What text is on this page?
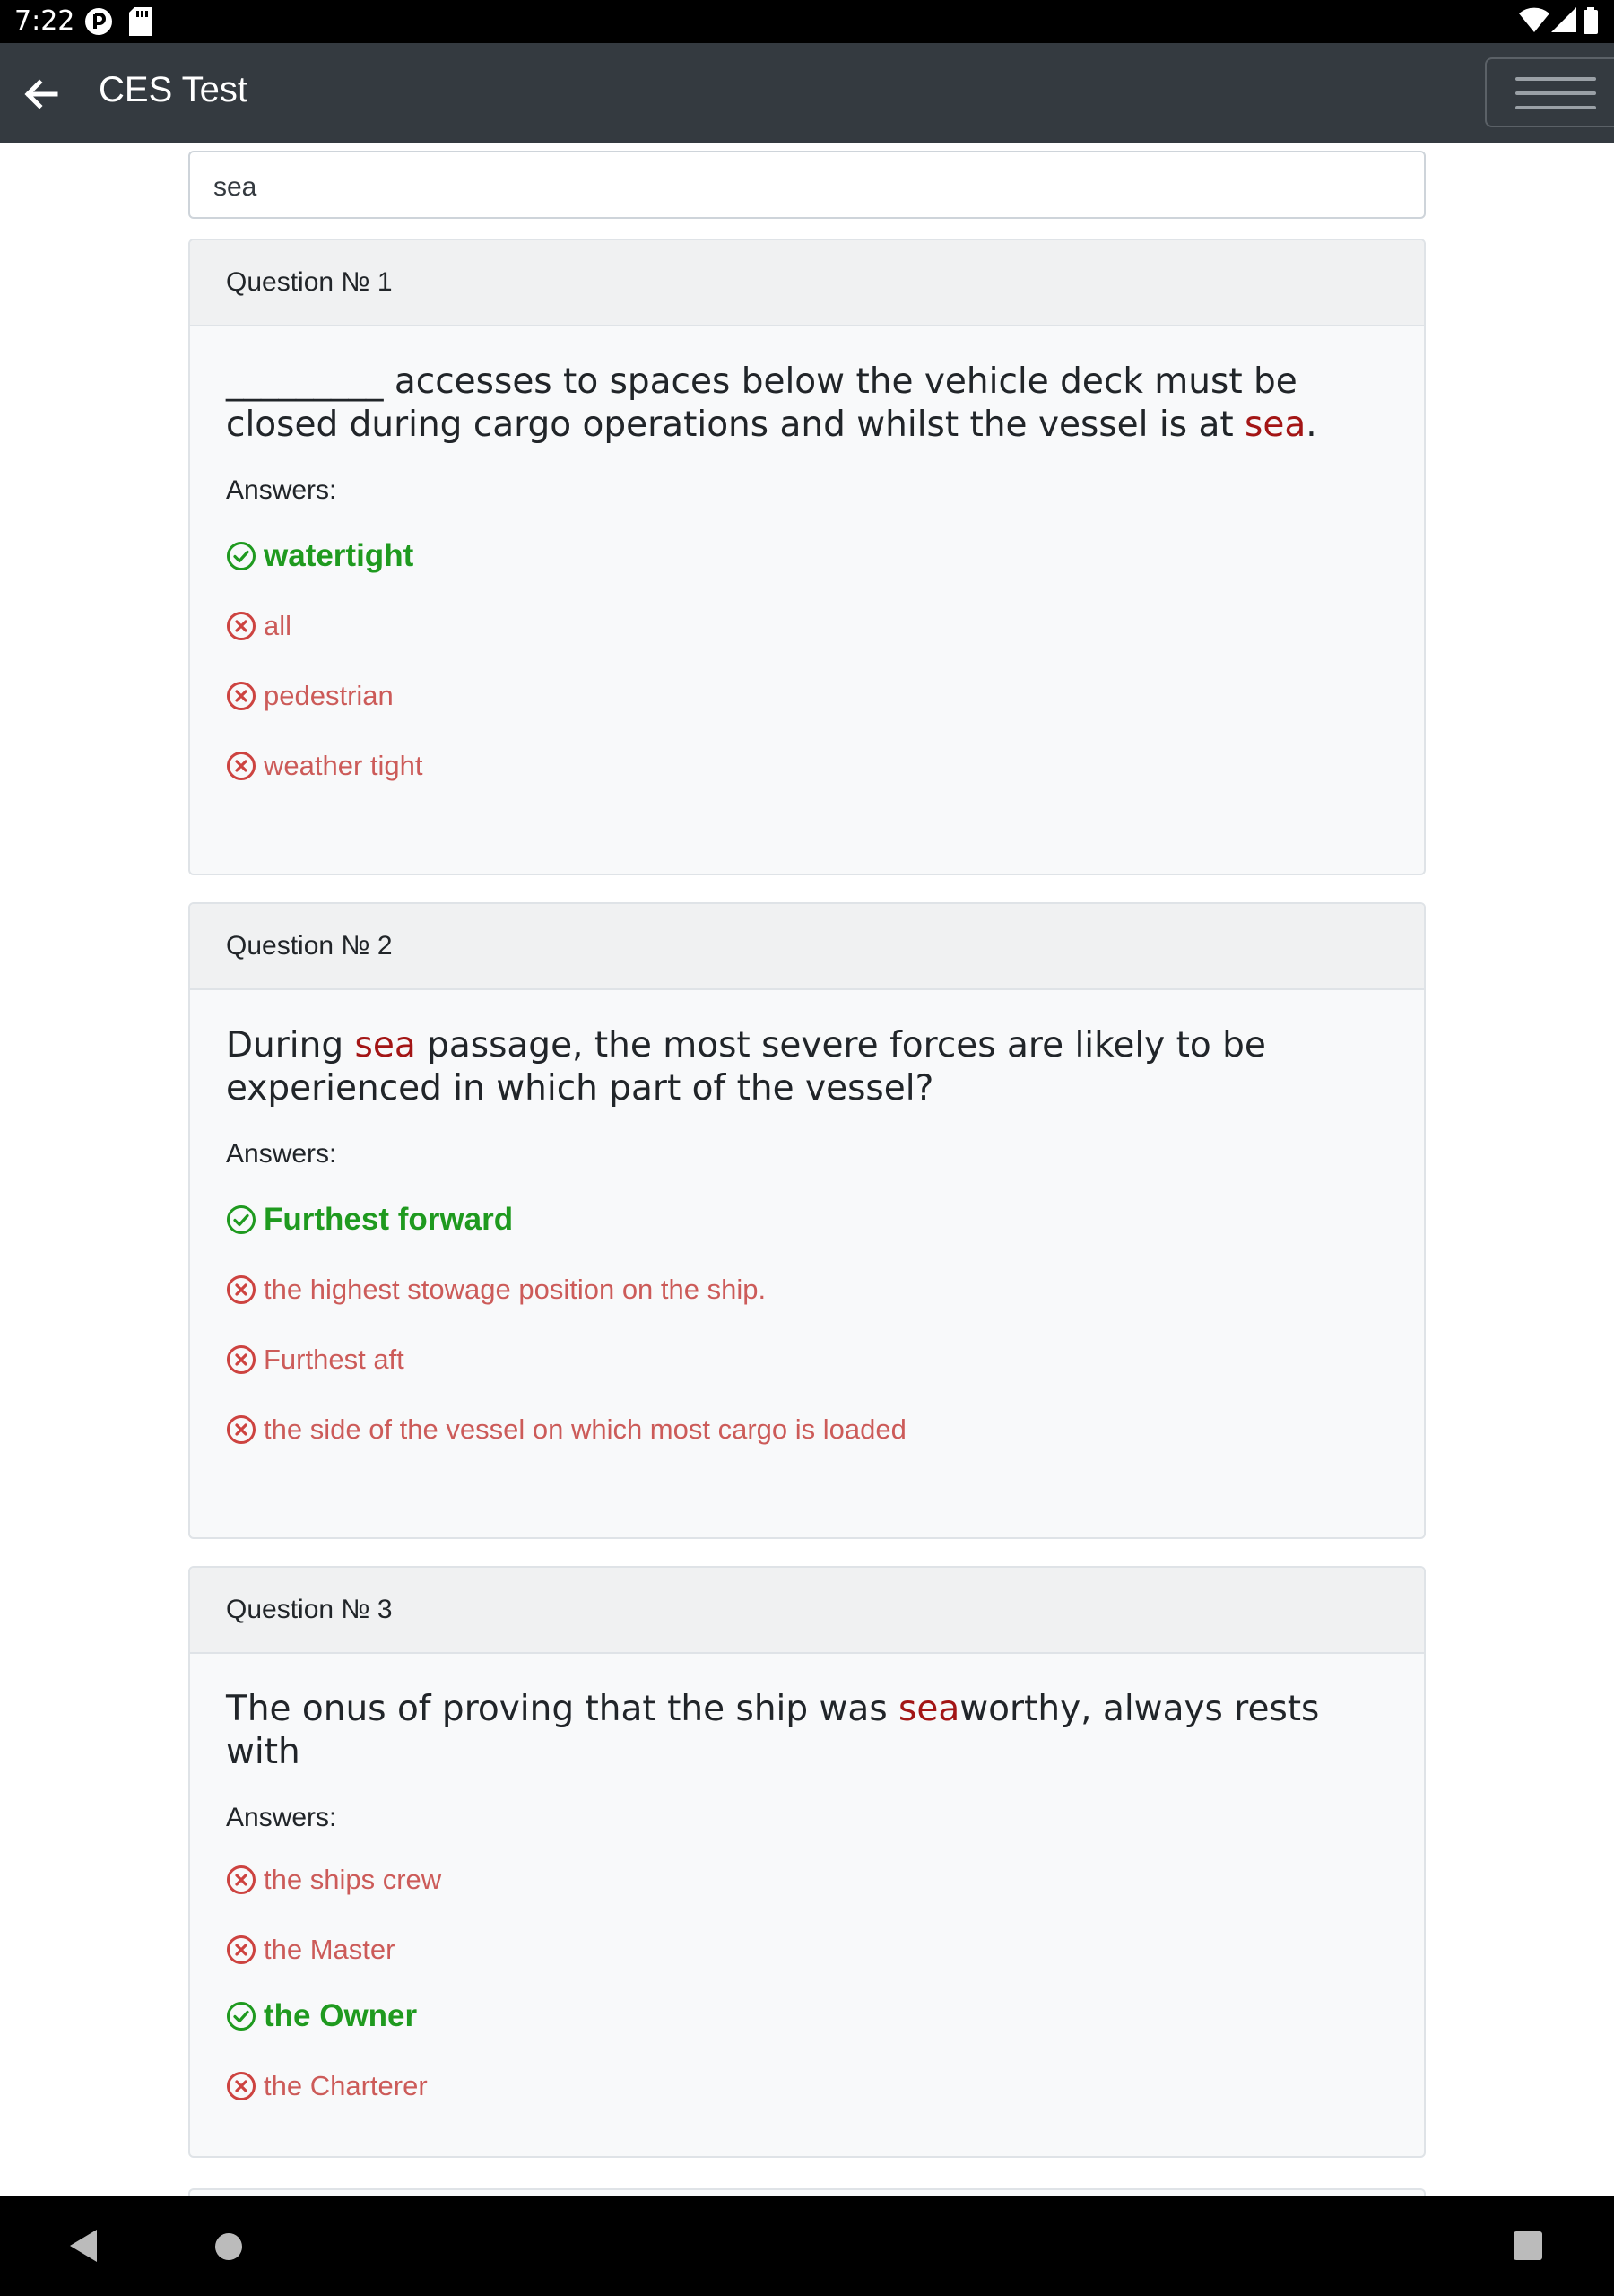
7:22
CES Test
sea
Question № 1
_________ accesses to spaces below the vehicle deck must be closed during cargo operations and whilst the vessel is at sea.
Answers:
watertight
all
pedestrian
weather tight
Question № 2
During sea passage, the most severe forces are likely to be experienced in which part of the vessel?
Answers:
Furthest forward
the highest stowage position on the ship.
Furthest aft
the side of the vessel on which most cargo is loaded
Question № 3
The onus of proving that the ship was seaworthy, always rests with
Answers:
the ships crew
the Master
the Owner
the Charterer
